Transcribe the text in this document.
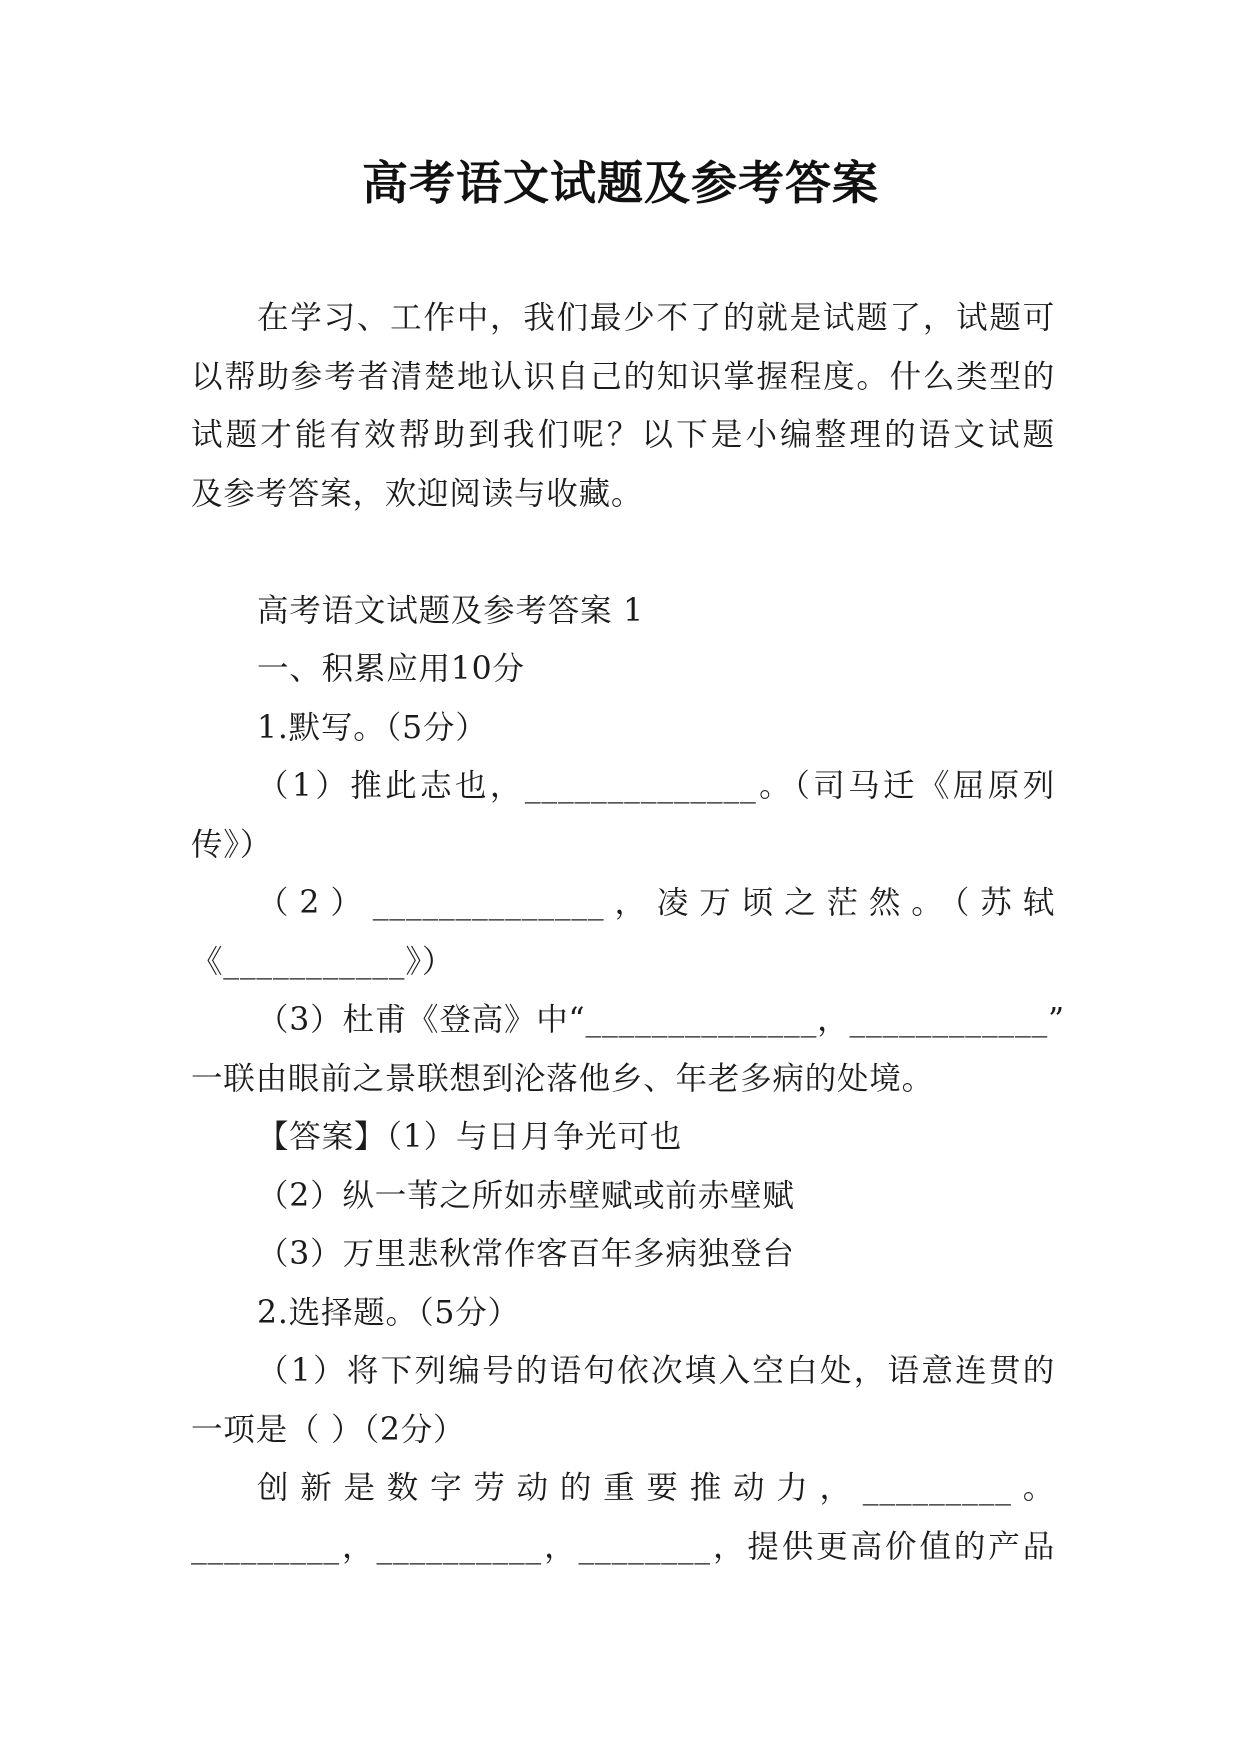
高考语文试题及参考答案
在学习、工作中，我们最少不了的就是试题了，试题可
以帮助参考者清楚地认识自己的知识掌握程度。什么类型的
试题才能有效帮助到我们呢？以下是小编整理的语文试题
及参考答案，欢迎阅读与收藏。
高考语文试题及参考答案 1
一、积累应用10分
1.默写。（5分）
（1）推此志也，______________。（司马迁《屈原列
传》）
（2）______________，凌万顷之茫然。（苏轼
《___________》）
（3）杜甫《登高》中“______________，____________”
一联由眼前之景联想到沦落他乡、年老多病的处境。
【答案】（1）与日月争光可也
（2）纵一苇之所如赤壁赋或前赤壁赋
（3）万里悲秋常作客百年多病独登台
2.选择题。（5分）
（1）将下列编号的语句依次填入空白处，语意连贯的
一项是（ ）（2分）
创新是数字劳动的重要推动力，_________。
_________，__________，________，提供更高价值的产品
